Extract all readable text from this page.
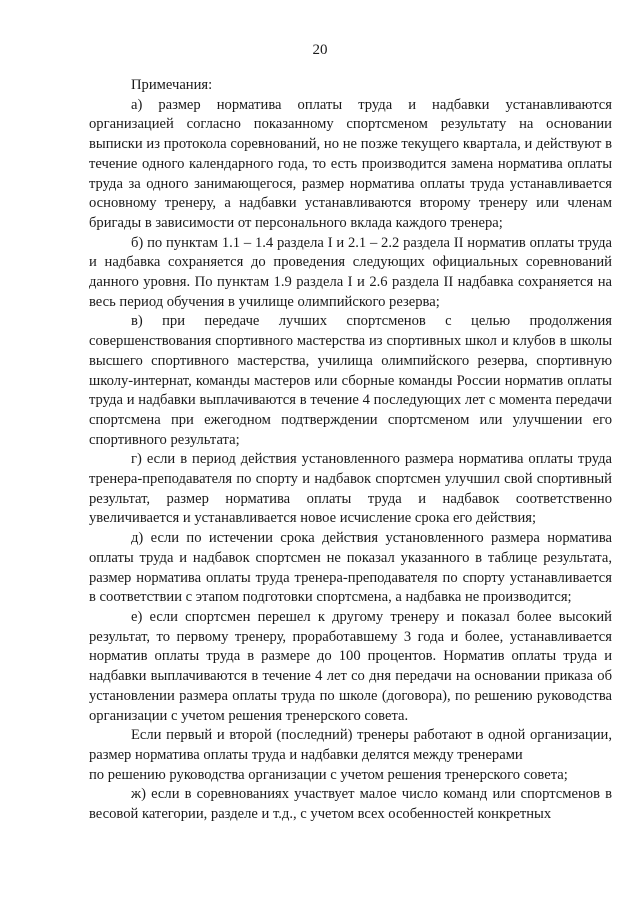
20

Примечания:

а) размер норматива оплаты труда и надбавки устанавливаются организацией согласно показанному спортсменом результату на основании выписки из протокола соревнований, но не позже текущего квартала, и действуют в течение одного календарного года, то есть производится замена норматива оплаты труда за одного занимающегося, размер норматива оплаты труда устанавливается основному тренеру, а надбавки устанавливаются второму тренеру или членам бригады в зависимости от персонального вклада каждого тренера;

б) по пунктам 1.1 – 1.4 раздела I и 2.1 – 2.2 раздела II норматив оплаты труда и надбавка сохраняется до проведения следующих официальных соревнований данного уровня. По пунктам 1.9 раздела I и 2.6 раздела II надбавка сохраняется на весь период обучения в училище олимпийского резерва;

в) при передаче лучших спортсменов с целью продолжения совершенствования спортивного мастерства из спортивных школ и клубов в школы высшего спортивного мастерства, училища олимпийского резерва, спортивную школу-интернат, команды мастеров или сборные команды России норматив оплаты труда и надбавки выплачиваются в течение 4 последующих лет с момента передачи спортсмена при ежегодном подтверждении спортсменом или улучшении его спортивного результата;

г) если в период действия установленного размера норматива оплаты труда тренера-преподавателя по спорту и надбавок спортсмен улучшил свой спортивный результат, размер норматива оплаты труда и надбавок соответственно увеличивается и устанавливается новое исчисление срока его действия;

д) если по истечении срока действия установленного размера норматива оплаты труда и надбавок спортсмен не показал указанного в таблице результата, размер норматива оплаты труда тренера-преподавателя по спорту устанавливается в соответствии с этапом подготовки спортсмена, а надбавка не производится;

е) если спортсмен перешел к другому тренеру и показал более высокий результат, то первому тренеру, проработавшему 3 года и более, устанавливается норматив оплаты труда в размере до 100 процентов. Норматив оплаты труда и надбавки выплачиваются в течение 4 лет со дня передачи на основании приказа об установлении размера оплаты труда по школе (договора), по решению руководства организации с учетом решения тренерского совета.

Если первый и второй (последний) тренеры работают в одной организации, размер норматива оплаты труда и надбавки делятся между тренерами

по решению руководства организации с учетом решения тренерского совета;

ж) если в соревнованиях участвует малое число команд или спортсменов в весовой категории, разделе и т.д., с учетом всех особенностей конкретных
